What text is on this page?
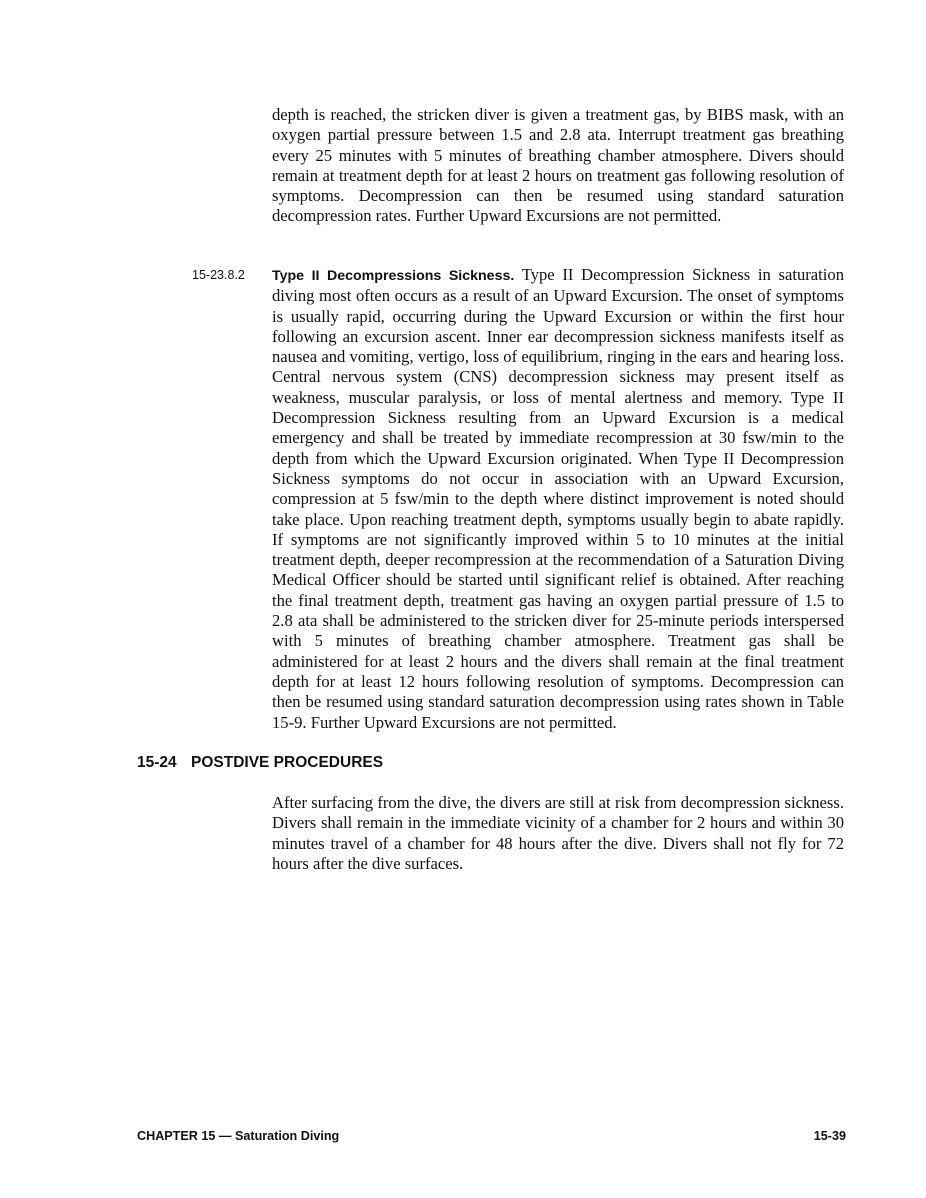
depth is reached, the stricken diver is given a treatment gas, by BIBS mask, with an oxygen partial pressure between 1.5 and 2.8 ata. Interrupt treatment gas breathing every 25 minutes with 5 minutes of breathing chamber atmosphere. Divers should remain at treatment depth for at least 2 hours on treatment gas following resolution of symptoms. Decompression can then be resumed using standard saturation decompression rates. Further Upward Excursions are not permitted.

15-23.8.2 Type II Decompressions Sickness. Type II Decompression Sickness in saturation diving most often occurs as a result of an Upward Excursion. The onset of symptoms is usually rapid, occurring during the Upward Excursion or within the first hour following an excursion ascent. Inner ear decompression sickness manifests itself as nausea and vomiting, vertigo, loss of equilibrium, ringing in the ears and hearing loss. Central nervous system (CNS) decompression sickness may present itself as weakness, muscular paralysis, or loss of mental alertness and memory. Type II Decompression Sickness resulting from an Upward Excursion is a medical emergency and shall be treated by immediate recompression at 30 fsw/min to the depth from which the Upward Excursion originated. When Type II Decompression Sickness symptoms do not occur in association with an Upward Excursion, compression at 5 fsw/min to the depth where distinct improvement is noted should take place. Upon reaching treatment depth, symptoms usually begin to abate rapidly. If symptoms are not significantly improved within 5 to 10 minutes at the initial treatment depth, deeper recompression at the recommendation of a Saturation Diving Medical Officer should be started until significant relief is obtained. After reaching the final treatment depth, treatment gas having an oxygen partial pressure of 1.5 to 2.8 ata shall be administered to the stricken diver for 25-minute periods interspersed with 5 minutes of breathing chamber atmosphere. Treatment gas shall be administered for at least 2 hours and the divers shall remain at the final treatment depth for at least 12 hours following resolution of symptoms. Decompression can then be resumed using standard saturation decompression using rates shown in Table 15-9. Further Upward Excursions are not permitted.

15-24 POSTDIVE PROCEDURES

After surfacing from the dive, the divers are still at risk from decompression sickness. Divers shall remain in the immediate vicinity of a chamber for 2 hours and within 30 minutes travel of a chamber for 48 hours after the dive. Divers shall not fly for 72 hours after the dive surfaces.

CHAPTER 15 — Saturation Diving	15-39
